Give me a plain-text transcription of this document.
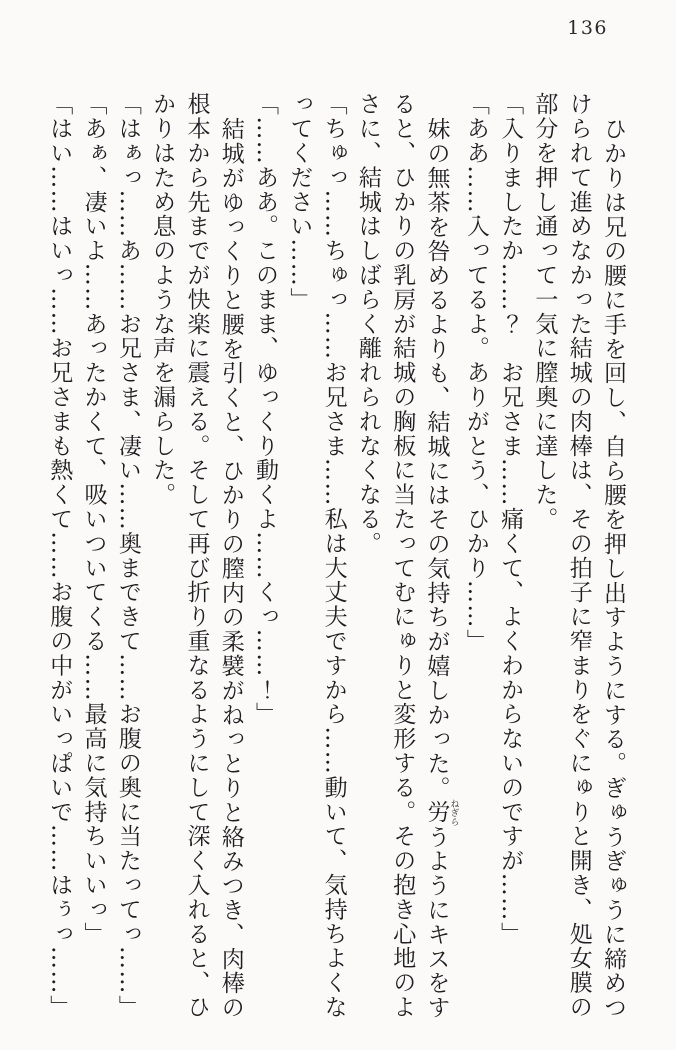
136
ひかりは兄の腰に手を回し、自ら腰を押し出すようにする。ぎゅうぎゅうに締めつ
けられて進めなかった結城の肉棒は、その拍子に窄まりをぐにゅりと開き、処女膜の
部分を押し通って一気に膣奥に達した。
「入りましたか……？　お兄さま……痛くて、よくわからないのですが……」
「ああ……入ってるよ。ありがとう、ひかり……」
妹の無茶を咎めるよりも、結城にはその気持ちが嬉しかった。労 ねぎらうようにキスをす
ると、ひかりの乳房が結城の胸板に当たってむにゅりと変形する。その抱き心地のよ
さに、結城はしばらく離れられなくなる。
「ちゅっ……ちゅっ……お兄さま……私は大丈夫ですから……動いて、気持ちよくな
ってください……」
「……ああ。このまま、ゆっくり動くよ……くっ……！」
結城がゆっくりと腰を引くと、ひかりの膣内の柔襞がねっとりと絡みつき、肉棒の
根本から先までが快楽に震える。そして再び折り重なるようにして深く入れると、ひ
かりはため息のような声を漏らした。
「はぁっ……あ……お兄さま、凄い……奥まできて……お腹の奥に当たってっ……」
「あぁ、凄いよ……あったかくて、吸いついてくる……最高に気持ちいいっ」
「はい……はいっ……お兄さまも熱くて……お腹の中がいっぱいで……はぅっ……」
